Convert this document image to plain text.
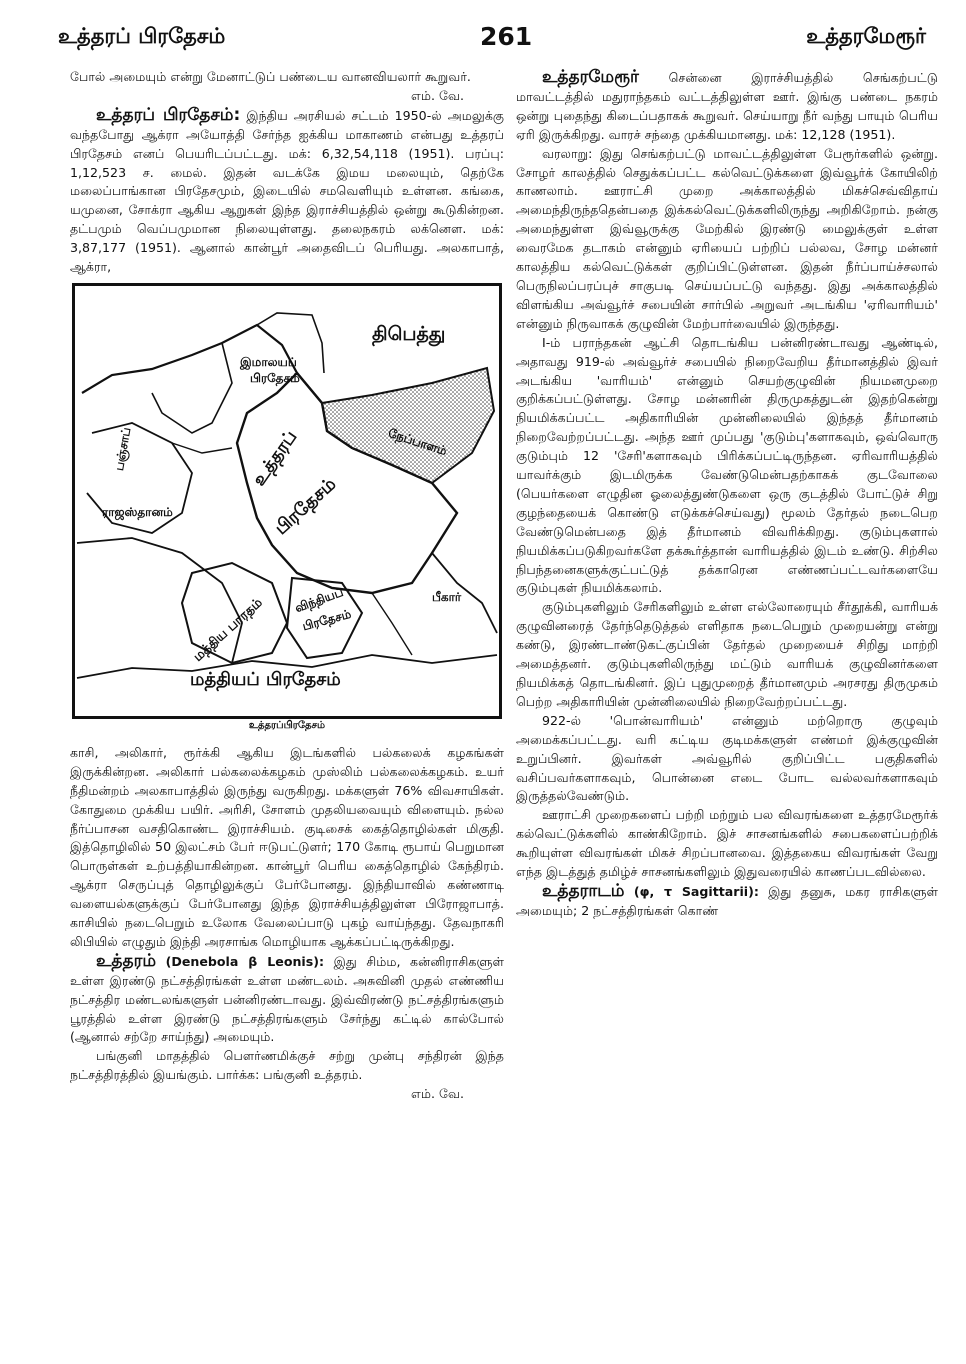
உத்தரப் பிரதேசம்	261	உத்தரமேரூர்

போல் அமையும் என்று மேனாட்டுப் பண்டைய வானவியலார் கூறுவர்.
எம். வே.

உத்தரப் பிரதேசம்: இந்திய அரசியல் சட்டம் 1950-ல் அமலுக்கு வந்தபோது ஆக்ரா அயோத்தி சேர்ந்த ஐக்கிய மாகாணம் என்பது உத்தரப் பிரதேசம் எனப் பெயரிடப்பட்டது. மக்: 6,32,54,118 (1951). பரப்பு: 1,12,523 ச. மைல். இதன் வடக்கே இமய மலையும், தெற்கே மலைப்பாங்கான பிரதேசமும், இடையில் சமவெளியும் உள்ளன. கங்கை, யமுனை, சோக்ரா ஆகிய ஆறுகள் இந்த இராச்சியத்தில் ஒன்று கூடுகின்றன. தட்பமும் வெப்பமுமான நிலையுள்ளது. தலைநகரம் லக்னௌ. மக்: 3,87,177 (1951). ஆனால் கான்பூர் அதைவிடப் பெரியது. அலகாபாத், ஆக்ரா,

திபெத்து
இமாலயப்
பிரதேசம்
பஞ்சாப்	நேப்பாளம்
உத்தரப்
பிரதேசம்
ராஜஸ்தானம்
பீகார்
மத்திய பாரதம் விந்தியப்
பிரதேசம்
மத்தியப் பிரதேசம்
உத்தரப்பிரதேசம்

காசி, அலிகார், ரூர்க்கி ஆகிய இடங்களில் பல்கலைக் கழகங்கள் இருக்கின்றன. அலிகார் பல்கலைக்கழகம் முஸ்லிம் பல்கலைக்கழகம். உயர் நீதிமன்றம் அலகாபாத்தில் இருந்து வருகிறது. மக்களுள் 76% விவசாயிகள். கோதுமை முக்கிய பயிர். அரிசி, சோளம் முதலியவையும் விளையும். நல்ல நீர்ப்பாசன வசதிகொண்ட இராச்சியம். குடிசைக் கைத்தொழில்கள் மிகுதி. இத்தொழிலில் 50 இலட்சம் பேர் ஈடுபட்டுளர்; 170 கோடி ரூபாய் பெறுமான பொருள்கள் உற்பத்தியாகின்றன. கான்பூர் பெரிய கைத்தொழில் கேந்திரம். ஆக்ரா செருப்புத் தொழிலுக்குப் பேர்போனது. இந்தியாவில் கண்ணாடி வளையல்களுக்குப் பேர்போனது இந்த இராச்சியத்திலுள்ள பிரோஜாபாத். காசியில் நடைபெறும் உலோக வேலைப்பாடு புகழ் வாய்ந்தது. தேவநாகரி லிபியில் எழுதும் இந்தி அரசாங்க மொழியாக ஆக்கப்பட்டிருக்கிறது.

உத்தரம் (Denebola β Leonis): இது சிம்ம, கன்னிராசிகளுள் உள்ள இரண்டு நட்சத்திரங்கள் உள்ள மண்டலம். அசுவினி முதல் எண்ணிய நட்சத்திர மண்டலங்களுள் பன்னிரண்டாவது. இவ்விரண்டு நட்சத்திரங்களும் பூரத்தில் உள்ள இரண்டு நட்சத்திரங்களும் சேர்ந்து கட்டில் கால்போல் (ஆனால் சற்றே சாய்ந்து) அமையும்.

பங்குனி மாதத்தில் பௌர்ணமிக்குச் சற்று முன்பு சந்திரன் இந்த நட்சத்திரத்தில் இயங்கும். பார்க்க: பங்குனி உத்தரம்.
எம். வே.

உத்தரமேரூர் சென்னை இராச்சியத்தில் செங்கற்பட்டு மாவட்டத்தில் மதுராந்தகம் வட்டத்திலுள்ள ஊர். இங்கு பண்டை நகரம் ஒன்று புதைந்து கிடைப்பதாகக் கூறுவர். செய்யாறு நீர் வந்து பாயும் பெரிய ஏரி இருக்கிறது. வாரச் சந்தை முக்கியமானது. மக்: 12,128 (1951).

வரலாறு: இது செங்கற்பட்டு மாவட்டத்திலுள்ள பேரூர்களில் ஒன்று. சோழர் காலத்தில் செதுக்கப்பட்ட கல்வெட்டுக்களை இவ்வூர்க் கோயிலிற் காணலாம். ஊராட்சி முறை அக்காலத்தில் மிகச்செவ்விதாய் அமைந்திருந்ததென்பதை இக்கல்வெட்டுக்களிலிருந்து அறிகிறோம். நன்கு அமைந்துள்ள இவ்வூருக்கு மேற்கில் இரண்டு மைலுக்குள் உள்ள வைரமேக தடாகம் என்னும் ஏரியைப் பற்றிப் பல்லவ, சோழ மன்னர் காலத்திய கல்வெட்டுக்கள் குறிப்பிட்டுள்ளன. இதன் நீர்ப்பாய்ச்சலால் பெருநிலப்பரப்புச் சாகுபடி செய்யப்பட்டு வந்தது. இது அக்காலத்தில் விளங்கிய அவ்வூர்ச் சபையின் சார்பில் அறுவர் அடங்கிய 'ஏரிவாரியம்' என்னும் நிருவாகக் குழுவின் மேற்பார்வையில் இருந்தது.

I-ம் பராந்தகன் ஆட்சி தொடங்கிய பன்னிரண்டாவது ஆண்டில், அதாவது 919-ல் அவ்வூர்ச் சபையில் நிறைவேறிய தீர்மானத்தில் இவர் அடங்கிய 'வாரியம்' என்னும் செயற்குழுவின் நியமனமுறை குறிக்கப்பட்டுள்ளது. சோழ மன்னரின் திருமுகத்துடன் இதற்கென்று நியமிக்கப்பட்ட அதிகாரியின் முன்னிலையில் இந்தத் தீர்மானம் நிறைவேற்றப்பட்டது. அந்த ஊர் முப்பது 'குடும்பு'களாகவும், ஒவ்வொரு குடும்பும் 12 'சேரி'களாகவும் பிரிக்கப்பட்டிருந்தன. ஏரிவாரியத்தில் யாவர்க்கும் இடமிருக்க வேண்டுமென்பதற்காகக் குடவோலை (பெயர்களை எழுதின ஓலைத்துண்டுகளை ஒரு குடத்தில் போட்டுச் சிறு குழந்தையைக் கொண்டு எடுக்கச்செய்வது) மூலம் தேர்தல் நடைபெற வேண்டுமென்பதை இத் தீர்மானம் விவரிக்கிறது. குடும்புகளால் நியமிக்கப்படுகிறவர்களே தக்கூர்த்தான் வாரியத்தில் இடம் உண்டு. சிற்சில நிபந்தனைகளுக்குட்பட்டுத் தக்காரென எண்ணப்பட்டவர்களையே குடும்புகள் நியமிக்கலாம்.

குடும்புகளிலும் சேரிகளிலும் உள்ள எல்லோரையும் சீர்தூக்கி, வாரியக் குழுவினரைத் தேர்ந்தெடுத்தல் எளிதாக நடைபெறும் முறையன்று என்று கண்டு, இரண்டாண்டுகட்குப்பின் தேர்தல் முறையைச் சிறிது மாற்றி அமைத்தனர். குடும்புகளிலிருந்து மட்டும் வாரியக் குழுவினர்களை நியமிக்கத் தொடங்கினர். இப் புதுமுறைத் தீர்மானமும் அரசரது திருமுகம் பெற்ற அதிகாரியின் முன்னிலையில் நிறைவேற்றப்பட்டது.

922-ல் 'பொன்வாரியம்' என்னும் மற்றொரு குழுவும் அமைக்கப்பட்டது. வரி கட்டிய குடிமக்களுள் எண்மர் இக்குழுவின் உறுப்பினர். இவர்கள் அவ்வூரில் குறிப்பிட்ட பகுதிகளில் வசிப்பவர்களாகவும், பொன்னை எடை போட வல்லவர்களாகவும் இருத்தல்வேண்டும்.

ஊராட்சி முறைகளைப் பற்றி மற்றும் பல விவரங்களை உத்தரமேரூர்க் கல்வெட்டுக்களில் காண்கிறோம். இச் சாசனங்களில் சபைகளைப்பற்றிக் கூறியுள்ள விவரங்கள் மிகச் சிறப்பானவை. இத்தகைய விவரங்கள் வேறு எந்த இடத்துத் தமிழ்ச் சாசனங்களிலும் இதுவரையில் காணப்படவில்லை.

உத்தராடம் (φ, τ Sagittarii): இது தனுசு, மகர ராசிகளுள் அமையும்; 2 நட்சத்திரங்கள் கொண்
